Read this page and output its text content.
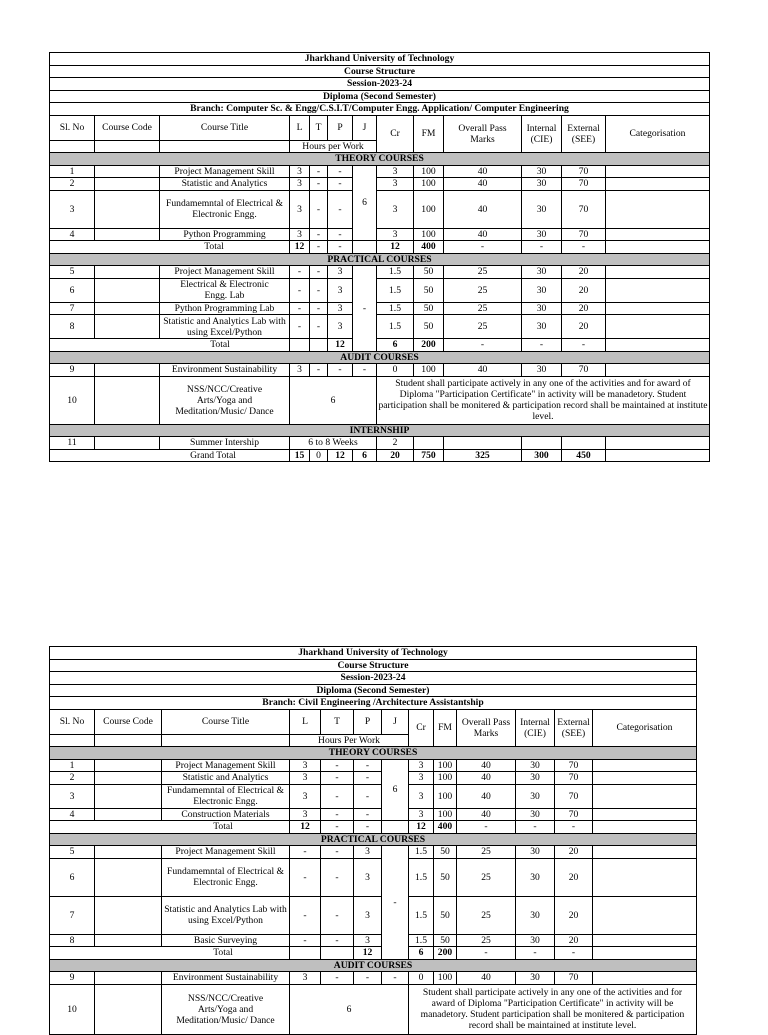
Jharkhand University of Technology												
Course Structure												
Session-2023-24												
Diploma (Second Semester)												
Branch: Computer Sc. & Engg/C.S.I.T/Computer Engg. Application/ Computer Engineering												
Sl. No	Course Code	Course Title	L	T	P	J	Cr	FM	Overall Pass Marks	Internal (CIE)	External (SEE)	Categorisation
			Hours per Work									
THEORY COURSES												
1		Project Management Skill	3	-	-	6	3	100	40	30	70	
2		Statistic and Analytics	3	-	-		3	100	40	30	70	
3		Fundamemntal of Electrical & Electronic Engg.	3	-	-		3	100	40	30	70	
4		Python Programming	3	-	-		3	100	40	30	70	
Total			12	-	-		12	400	-	-	-	
PRACTICAL COURSES												
5		Project Management Skill	-	-	3	-	1.5	50	25	30	20	
6		Electrical & Electronic Engg. Lab	-	-	3		1.5	50	25	30	20	
7		Python Programming Lab	-	-	3		1.5	50	25	30	20	
8		Statistic and Analytics Lab with using Excel/Python	-	-	3		1.5	50	25	30	20	
Total					12		6	200	-	-	-	
AUDIT COURSES												
9		Environment Sustainability	3	-	-	-	0	100	40	30	70	
10		NSS/NCC/Creative Arts/Yoga and Meditation/Music/ Dance	6				Student shall participate actively in any one of the activities and for award of Diploma "Participation Certificate" in activity will be manadetory. Student participation shall be monitered & participation record shall be maintained at institute level.					
INTERNSHIP												
11		Summer Intership	6 to 8 Weeks				2					
Grand Total			15	0	12	6	20	750	325	300	450	
Jharkhand University of Technology												
Course Structure												
Session-2023-24												
Diploma (Second Semester)												
Branch: Civil Engineering /Architecture Assistantship												
Sl. No	Course Code	Course Title	L	T	P	J	Cr	FM	Overall Pass Marks	Internal (CIE)	External (SEE)	Categorisation
			Hours Per Work									
THEORY COURSES												
1		Project Management Skill	3	-	-	6	3	100	40	30	70	
2		Statistic and Analytics	3	-	-		3	100	40	30	70	
3		Fundamemntal of Electrical & Electronic Engg.	3	-	-		3	100	40	30	70	
4		Construction Materials	3	-	-		3	100	40	30	70	
Total			12	-	-		12	400	-	-	-	
PRACTICAL COURSES												
5		Project Management Skill	-	-	3	-	1.5	50	25	30	20	
6		Fundamemntal of Electrical & Electronic Engg.	-	-	3		1.5	50	25	30	20	
7		Statistic and Analytics Lab with using Excel/Python	-	-	3		1.5	50	25	30	20	
8		Basic Surveying	-	-	3		1.5	50	25	30	20	
Total					12		6	200	-	-	-	
AUDIT COURSES												
9		Environment Sustainability	3	-	-	-	0	100	40	30	70	
10		NSS/NCC/Creative Arts/Yoga and Meditation/Music/ Dance	6				Student shall participate actively in any one of the activities and for award of Diploma "Participation Certificate" in activity will be manadetory. Student participation shall be monitered & participation record shall be maintained at institute level.					
